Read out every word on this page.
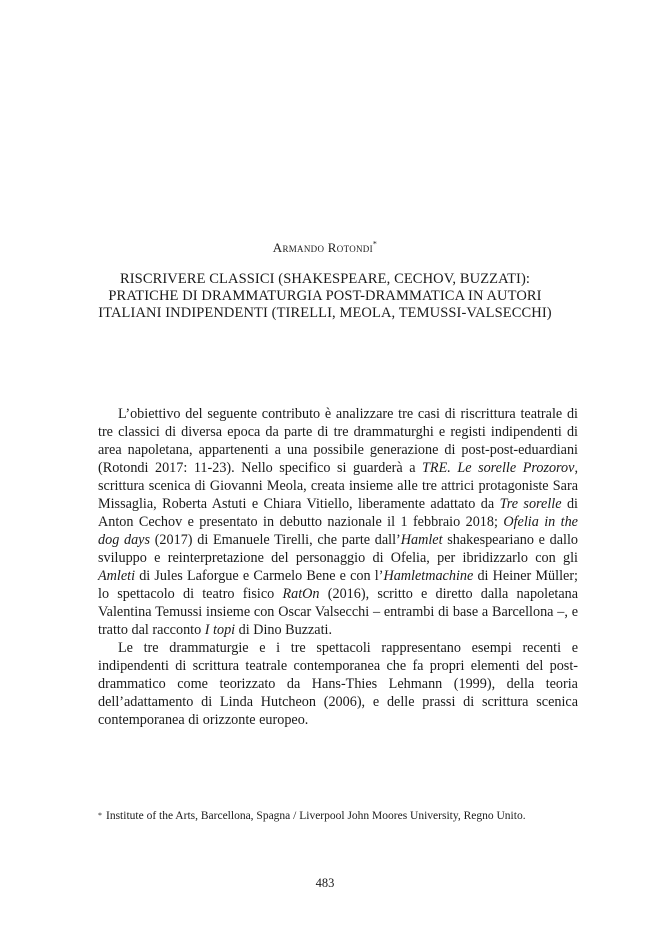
Armando Rotondi*
RISCRIVERE CLASSICI (SHAKESPEARE, CECHOV, BUZZATI):
PRATICHE DI DRAMMATURGIA POST-DRAMMATICA IN AUTORI
ITALIANI INDIPENDENTI (TIRELLI, MEOLA, TEMUSSI-VALSECCHI)

L’obiettivo del seguente contributo è analizzare tre casi di riscrittura teatrale di tre classici di diversa epoca da parte di tre drammaturghi e registi indipendenti di area napoletana, appartenenti a una possibile generazione di post-post-eduardiani (Rotondi 2017: 11-23). Nello specifico si guarderà a TRE. Le sorelle Prozorov, scrittura scenica di Giovanni Meola, creata insieme alle tre attrici protagoniste Sara Missaglia, Roberta Astuti e Chiara Vitiello, liberamente adattato da Tre sorelle di Anton Cechov e presentato in debutto nazionale il 1 febbraio 2018; Ofelia in the dog days (2017) di Emanuele Tirelli, che parte dall’Hamlet shakespeariano e dallo sviluppo e reinterpretazione del personaggio di Ofelia, per ibridizzarlo con gli Amleti di Jules Laforgue e Carmelo Bene e con l’Hamletmachine di Heiner Müller; lo spettacolo di teatro fisico RatOn (2016), scritto e diretto dalla napoletana Valentina Temussi insieme con Oscar Valsecchi – entrambi di base a Barcellona –, e tratto dal racconto I topi di Dino Buzzati.

Le tre drammaturgie e i tre spettacoli rappresentano esempi recenti e indipendenti di scrittura teatrale contemporanea che fa propri elementi del post-drammatico come teorizzato da Hans-Thies Lehmann (1999), della teoria dell’adattamento di Linda Hutcheon (2006), e delle prassi di scrittura scenica contemporanea di orizzonte europeo.

* Institute of the Arts, Barcellona, Spagna / Liverpool John Moores University, Regno Unito.
483
